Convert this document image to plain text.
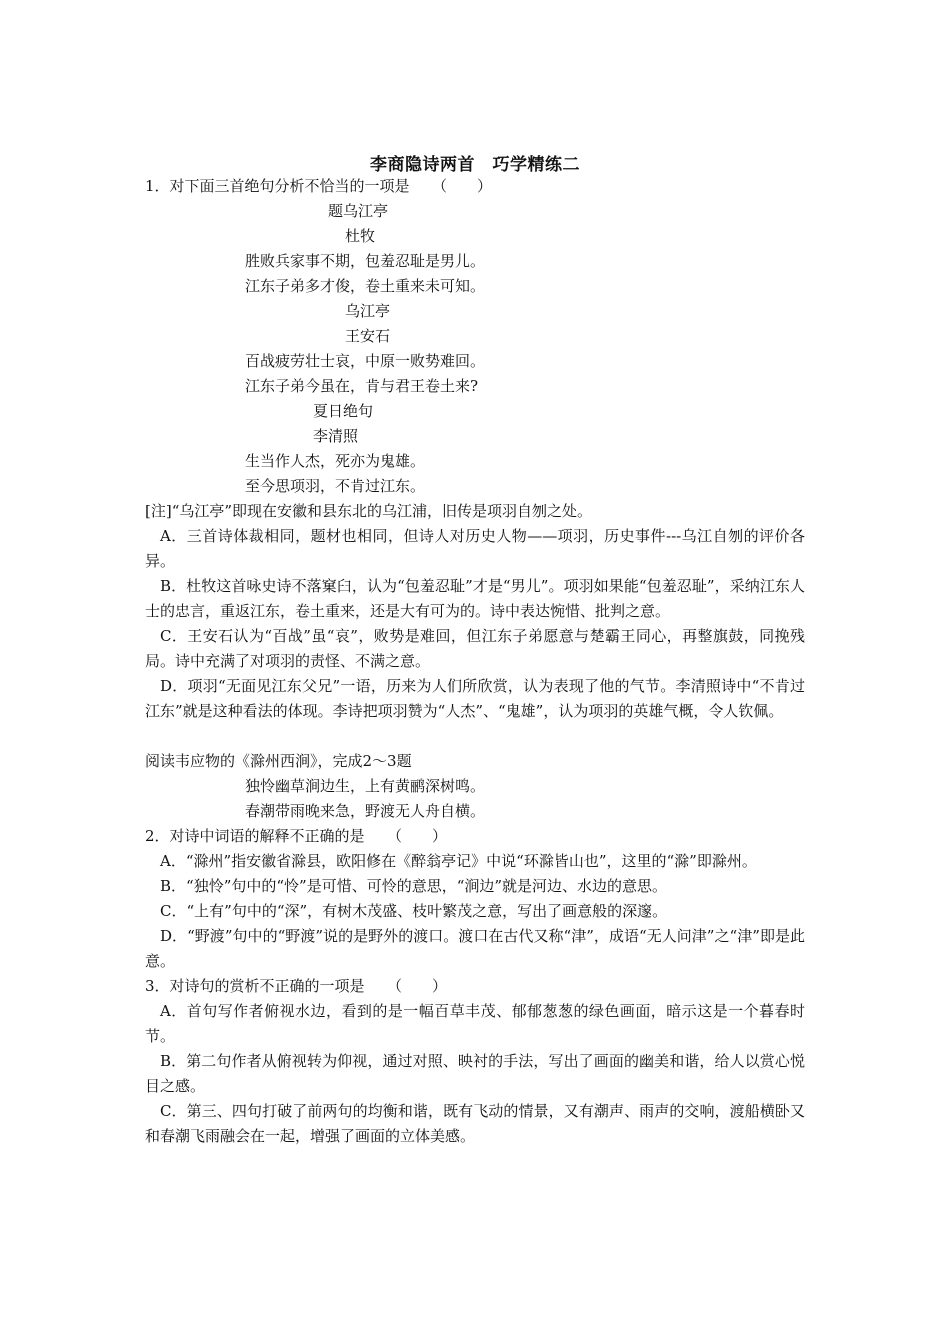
李商隐诗两首　巧学精练二
1．对下面三首绝句分析不恰当的一项是　　（　　）
题乌江亭
杜牧
胜败兵家事不期，包羞忍耻是男儿。
江东子弟多才俊，卷土重来未可知。
乌江亭
王安石
百战疲劳壮士哀，中原一败势难回。
江东子弟今虽在，肯与君王卷土来?
夏日绝句
李清照
生当作人杰，死亦为鬼雄。
至今思项羽，不肯过江东。
[注]“乌江亭”即现在安徽和县东北的乌江浦，旧传是项羽自刎之处。
A．三首诗体裁相同，题材也相同，但诗人对历史人物——项羽，历史事件---乌江自刎的评价各异。
B．杜牧这首咏史诗不落窠臼，认为“包羞忍耻”才是“男儿”。项羽如果能“包羞忍耻”，采纳江东人士的忠言，重返江东，卷土重来，还是大有可为的。诗中表达惋惜、批判之意。
C．王安石认为“百战”虽“哀”，败势是难回，但江东子弟愿意与楚霸王同心，再整旗鼓，同挽残局。诗中充满了对项羽的责怪、不满之意。
D．项羽“无面见江东父兄”一语，历来为人们所欣赏，认为表现了他的气节。李清照诗中“不肯过江东”就是这种看法的体现。李诗把项羽赞为“人杰”、“鬼雄”，认为项羽的英雄气概，令人钦佩。
阅读韦应物的《滁州西涧》，完成2～3题
独怜幽草涧边生，上有黄鹂深树鸣。
春潮带雨晚来急，野渡无人舟自横。
2．对诗中词语的解释不正确的是　　（　　）
A．“滁州”指安徽省滁县，欧阳修在《醉翁亭记》中说“环滁皆山也”，这里的“滁”即滁州。
B．“独怜”句中的“怜”是可惜、可怜的意思，“涧边”就是河边、水边的意思。
C．“上有”句中的“深”，有树木茂盛、枝叶繁茂之意，写出了画意般的深邃。
D．“野渡”句中的“野渡”说的是野外的渡口。渡口在古代又称“津”，成语“无人问津”之“津”即是此意。
3．对诗句的赏析不正确的一项是　　（　　）
A．首句写作者俯视水边，看到的是一幅百草丰茂、郁郁葱葱的绿色画面，暗示这是一个暮春时节。
B．第二句作者从俯视转为仰视，通过对照、映衬的手法，写出了画面的幽美和谐，给人以赏心悦目之感。
C．第三、四句打破了前两句的均衡和谐，既有飞动的情景，又有潮声、雨声的交响，渡船横卧又和春潮飞雨融会在一起，增强了画面的立体美感。
